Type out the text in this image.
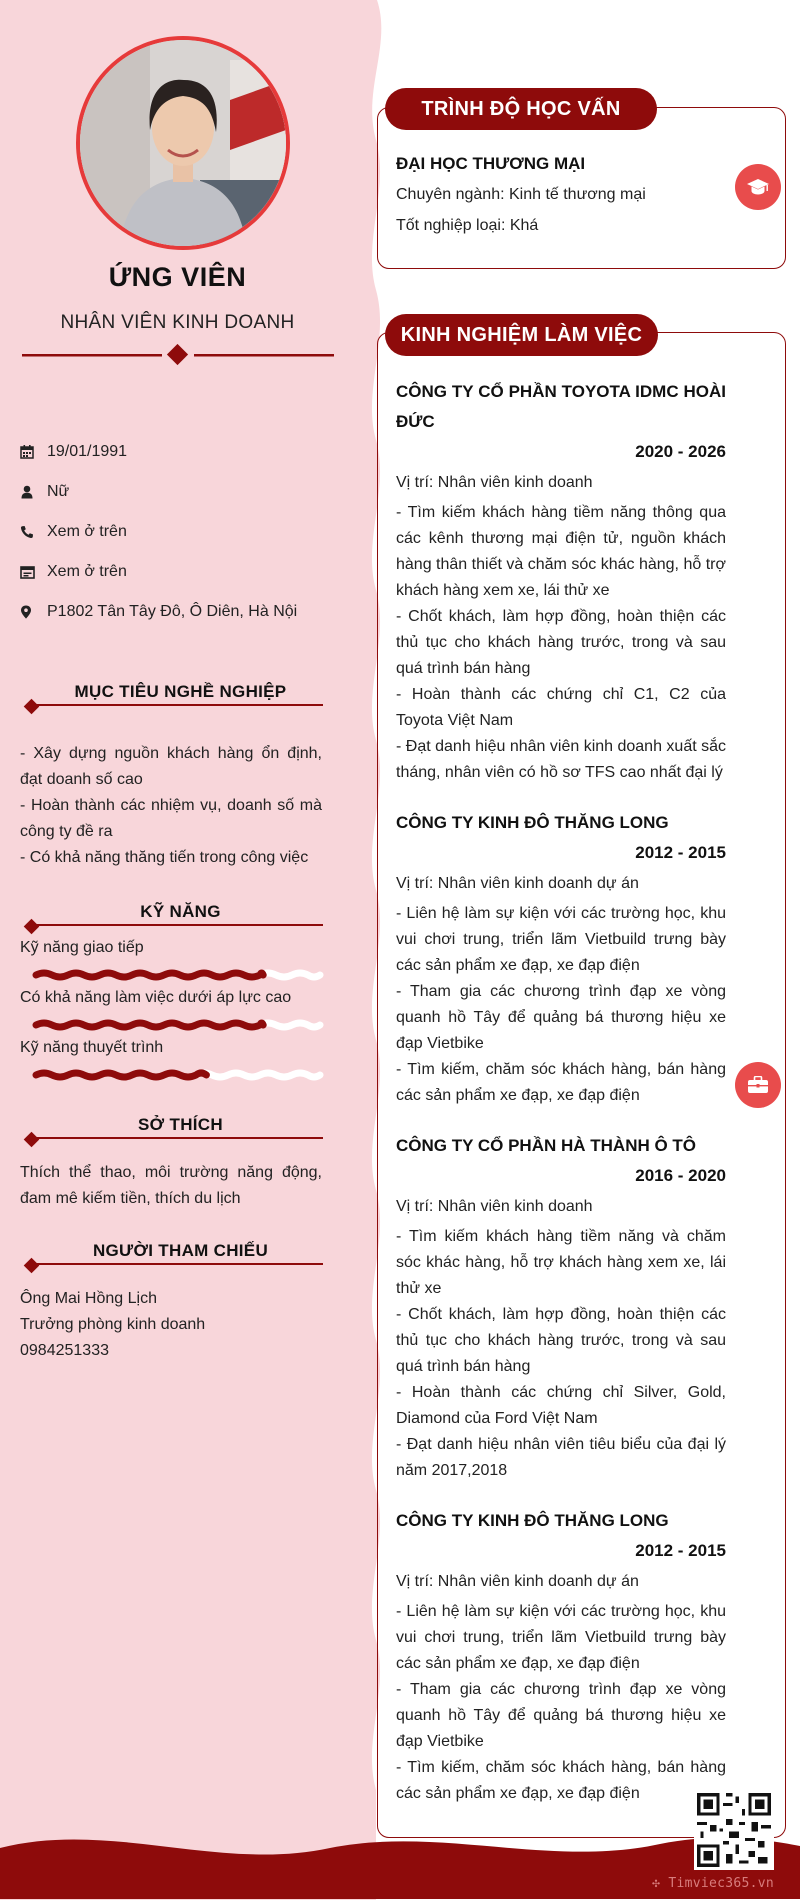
ỨNG VIÊN
NHÂN VIÊN KINH DOANH
19/01/1991
Nữ
Xem ở trên
Xem ở trên
P1802 Tân Tây Đô, Ô Diên, Hà Nội
MỤC TIÊU NGHỀ NGHIỆP
- Xây dựng nguồn khách hàng ổn định, đạt doanh số cao
- Hoàn thành các nhiệm vụ, doanh số mà công ty đề ra
- Có khả năng thăng tiến trong công việc
KỸ NĂNG
Kỹ năng giao tiếp
Có khả năng làm việc dưới áp lực cao
Kỹ năng thuyết trình
SỞ THÍCH
Thích thể thao, môi trường năng động, đam mê kiếm tiền, thích du lịch
NGƯỜI THAM CHIẾU
Ông Mai Hồng Lịch
Trưởng phòng kinh doanh
0984251333
TRÌNH ĐỘ HỌC VẤN
ĐẠI HỌC THƯƠNG MẠI
Chuyên ngành: Kinh tế thương mại
Tốt nghiệp loại: Khá
KINH NGHIỆM LÀM VIỆC
CÔNG TY CỔ PHẦN TOYOTA IDMC HOÀI ĐỨC
2020 - 2026
Vị trí: Nhân viên kinh doanh
- Tìm kiếm khách hàng tiềm năng thông qua các kênh thương mại điện tử, nguồn khách hàng thân thiết và chăm sóc khác hàng, hỗ trợ khách hàng xem xe, lái thử xe
- Chốt khách, làm hợp đồng, hoàn thiện các thủ tục cho khách hàng trước, trong và sau quá trình bán hàng
- Hoàn thành các chứng chỉ C1, C2 của Toyota Việt Nam
- Đạt danh hiệu nhân viên kinh doanh xuất sắc tháng, nhân viên có hồ sơ TFS cao nhất đại lý
CÔNG TY KINH ĐÔ THĂNG LONG
2012 - 2015
Vị trí: Nhân viên kinh doanh dự án
- Liên hệ làm sự kiện với các trường học, khu vui chơi trung, triển lãm Vietbuild trưng bày các sản phẩm xe đạp, xe đạp điện
- Tham gia các chương trình đạp xe vòng quanh hồ Tây để quảng bá thương hiệu xe đạp Vietbike
- Tìm kiếm, chăm sóc khách hàng, bán hàng các sản phẩm xe đạp, xe đạp điện
CÔNG TY CỔ PHẦN HÀ THÀNH Ô TÔ
2016 - 2020
Vị trí: Nhân viên kinh doanh
- Tìm kiếm khách hàng tiềm năng và chăm sóc khác hàng, hỗ trợ khách hàng xem xe, lái thử xe
- Chốt khách, làm hợp đồng, hoàn thiện các thủ tục cho khách hàng trước, trong và sau quá trình bán hàng
- Hoàn thành các chứng chỉ Silver, Gold, Diamond của Ford Việt Nam
- Đạt danh hiệu nhân viên tiêu biểu của đại lý năm 2017,2018
CÔNG TY KINH ĐÔ THĂNG LONG
2012 - 2015
Vị trí: Nhân viên kinh doanh dự án
- Liên hệ làm sự kiện với các trường học, khu vui chơi trung, triển lãm Vietbuild trưng bày các sản phẩm xe đạp, xe đạp điện
- Tham gia các chương trình đạp xe vòng quanh hồ Tây để quảng bá thương hiệu xe đạp Vietbike
- Tìm kiếm, chăm sóc khách hàng, bán hàng các sản phẩm xe đạp, xe đạp điện
✣ Timviec365.vn
